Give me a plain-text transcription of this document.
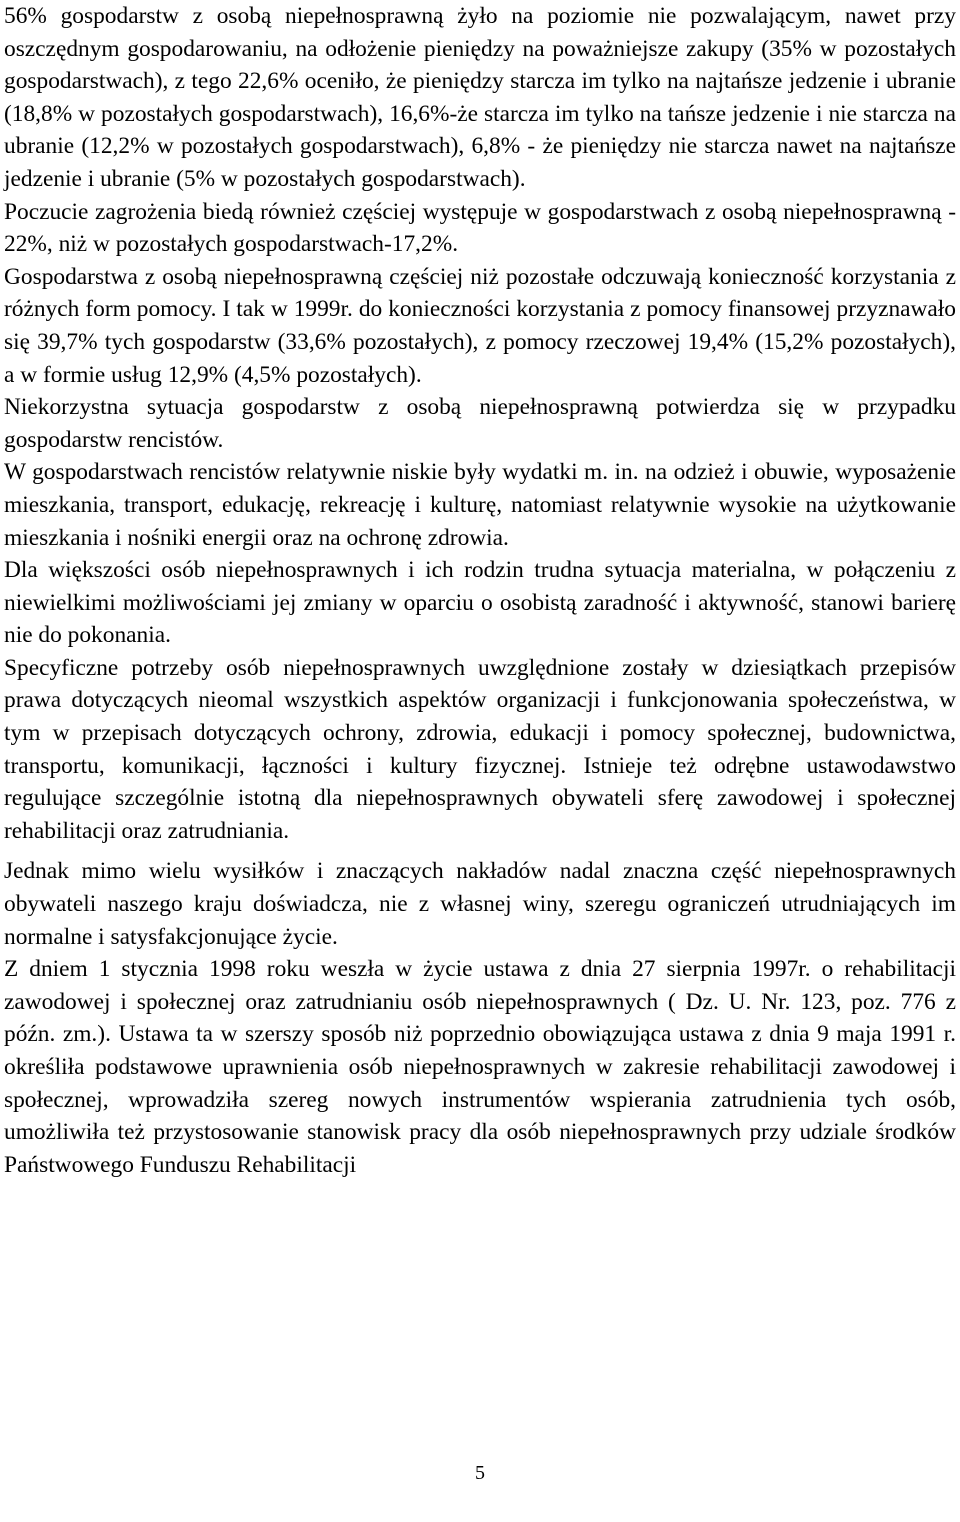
56% gospodarstw z osobą niepełnosprawną żyło na poziomie nie pozwalającym, nawet przy oszczędnym gospodarowaniu, na odłożenie pieniędzy na poważniejsze zakupy (35% w pozostałych gospodarstwach), z tego 22,6% oceniło, że pieniędzy starcza im tylko na najtańsze jedzenie i ubranie (18,8% w pozostałych gospodarstwach), 16,6%-że starcza im tylko na tańsze jedzenie i nie starcza na ubranie (12,2% w pozostałych gospodarstwach), 6,8% - że pieniędzy nie starcza nawet na najtańsze jedzenie i ubranie (5% w pozostałych gospodarstwach).

Poczucie zagrożenia biedą również częściej występuje w gospodarstwach z osobą niepełnosprawną - 22%, niż w pozostałych gospodarstwach-17,2%.

Gospodarstwa z osobą niepełnosprawną częściej niż pozostałe odczuwają konieczność korzystania z różnych form pomocy. I tak w 1999r. do konieczności korzystania z pomocy finansowej przyznawało się 39,7% tych gospodarstw (33,6% pozostałych), z pomocy rzeczowej 19,4% (15,2% pozostałych), a w formie usług 12,9% (4,5% pozostałych).

Niekorzystna sytuacja gospodarstw z osobą niepełnosprawną potwierdza się w przypadku gospodarstw rencistów.

W gospodarstwach rencistów relatywnie niskie były wydatki m. in. na odzież i obuwie, wyposażenie mieszkania, transport, edukację, rekreację i kulturę, natomiast relatywnie wysokie na użytkowanie mieszkania i nośniki energii oraz na ochronę zdrowia.

Dla większości osób niepełnosprawnych i ich rodzin trudna sytuacja materialna, w połączeniu z niewielkimi możliwościami jej zmiany w oparciu o osobistą zaradność i aktywność, stanowi barierę nie do pokonania.

Specyficzne potrzeby osób niepełnosprawnych uwzględnione zostały w dziesiątkach przepisów prawa dotyczących nieomal wszystkich aspektów organizacji i funkcjonowania społeczeństwa, w tym w przepisach dotyczących ochrony, zdrowia, edukacji i pomocy społecznej, budownictwa, transportu, komunikacji, łączności i kultury fizycznej. Istnieje też odrębne ustawodawstwo regulujące szczególnie istotną dla niepełnosprawnych obywateli sferę zawodowej i społecznej rehabilitacji oraz zatrudniania.

Jednak mimo wielu wysiłków i znaczących nakładów nadal znaczna część niepełnosprawnych obywateli naszego kraju doświadcza, nie z własnej winy, szeregu ograniczeń utrudniających im normalne i satysfakcjonujące życie.

Z dniem 1 stycznia 1998 roku weszła w życie ustawa z dnia 27 sierpnia 1997r. o rehabilitacji zawodowej i społecznej oraz zatrudnianiu osób niepełnosprawnych ( Dz. U. Nr. 123, poz. 776 z późn. zm.). Ustawa ta w szerszy sposób niż poprzednio obowiązująca ustawa z dnia 9 maja 1991 r. określiła podstawowe uprawnienia osób niepełnosprawnych w zakresie rehabilitacji zawodowej i społecznej, wprowadziła szereg nowych instrumentów wspierania zatrudnienia tych osób, umożliwiła też przystosowanie stanowisk pracy dla osób niepełnosprawnych przy udziale środków Państwowego Funduszu Rehabilitacji

5
